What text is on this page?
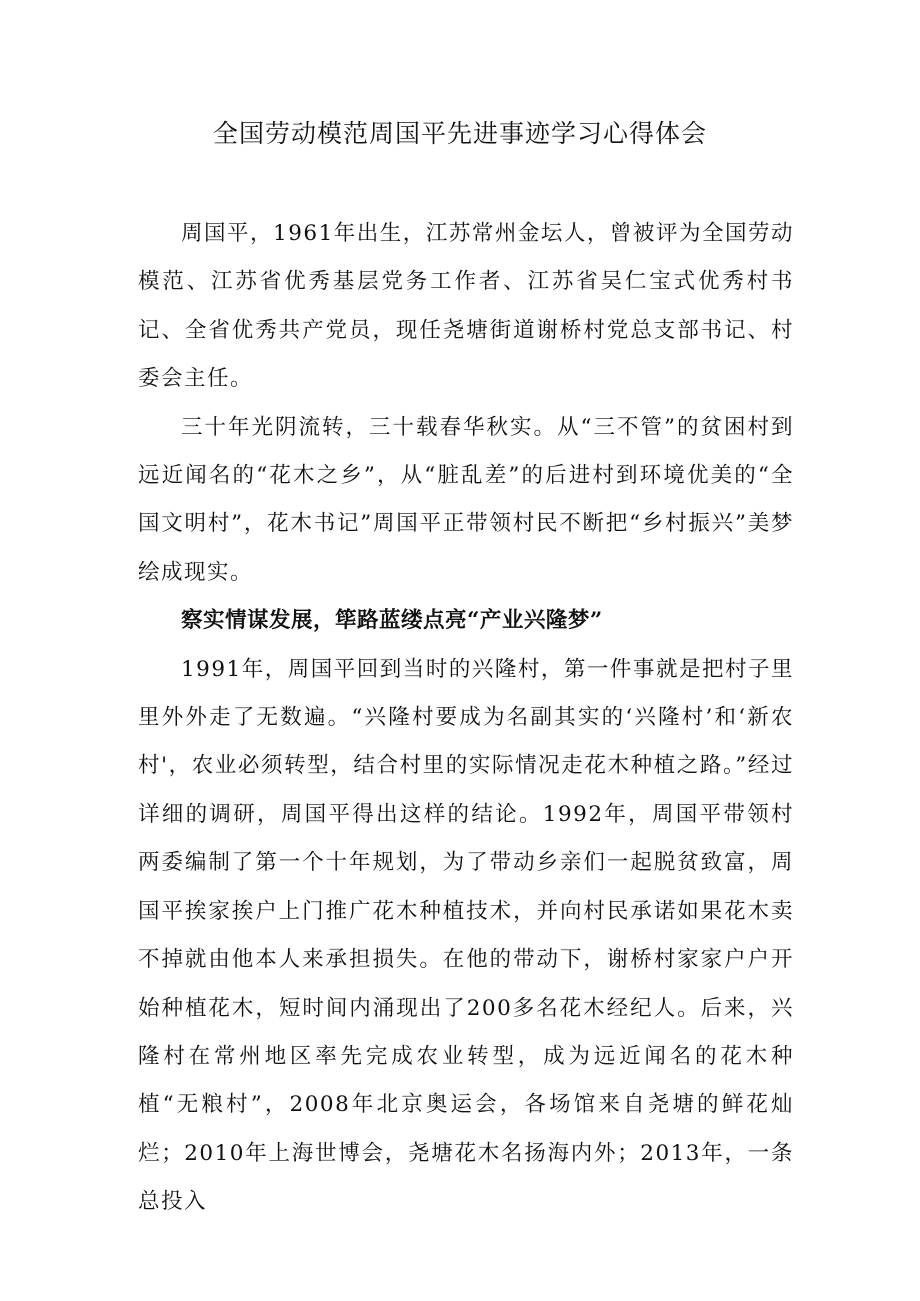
全国劳动模范周国平先进事迹学习心得体会

周国平，1961年出生，江苏常州金坛人，曾被评为全国劳动模范、江苏省优秀基层党务工作者、江苏省吴仁宝式优秀村书记、全省优秀共产党员，现任尧塘街道谢桥村党总支部书记、村委会主任。

三十年光阴流转，三十载春华秋实。从“三不管”的贫困村到远近闻名的“花木之乡”，从“脏乱差”的后进村到环境优美的“全国文明村”，花木书记”周国平正带领村民不断把“乡村振兴”美梦绘成现实。

察实情谋发展，筚路蓝缕点亮“产业兴隆梦”

1991年，周国平回到当时的兴隆村，第一件事就是把村子里里外外走了无数遍。“兴隆村要成为名副其实的‘兴隆村’和‘新农村'，农业必须转型，结合村里的实际情况走花木种植之路。”经过详细的调研，周国平得出这样的结论。1992年，周国平带领村两委编制了第一个十年规划，为了带动乡亲们一起脱贫致富，周国平挨家挨户上门推广花木种植技术，并向村民承诺如果花木卖不掉就由他本人来承担损失。在他的带动下，谢桥村家家户户开始种植花木，短时间内涌现出了200多名花木经纪人。后来，兴隆村在常州地区率先完成农业转型，成为远近闻名的花木种植“无粮村”，2008年北京奥运会，各场馆来自尧塘的鲜花灿烂；2010年上海世博会，尧塘花木名扬海内外；2013年，一条总投入
